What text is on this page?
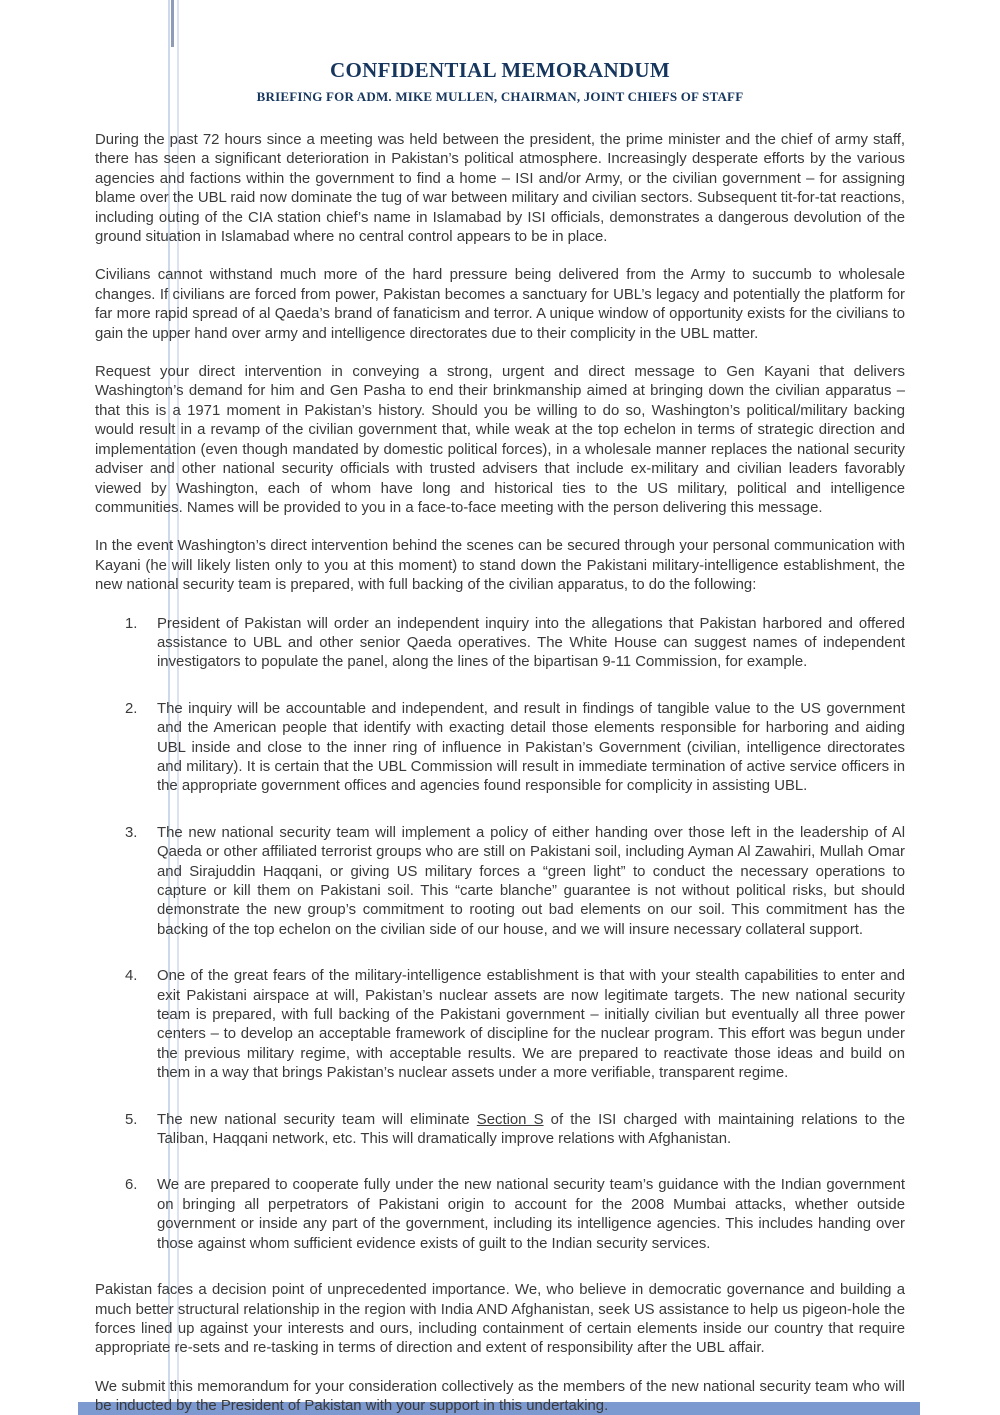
CONFIDENTIAL MEMORANDUM
BRIEFING FOR ADM. MIKE MULLEN, CHAIRMAN, JOINT CHIEFS OF STAFF

During the past 72 hours since a meeting was held between the president, the prime minister and the chief of army staff, there has seen a significant deterioration in Pakistan’s political atmosphere. Increasingly desperate efforts by the various agencies and factions within the government to find a home – ISI and/or Army, or the civilian government – for assigning blame over the UBL raid now dominate the tug of war between military and civilian sectors. Subsequent tit-for-tat reactions, including outing of the CIA station chief’s name in Islamabad by ISI officials, demonstrates a dangerous devolution of the ground situation in Islamabad where no central control appears to be in place.

Civilians cannot withstand much more of the hard pressure being delivered from the Army to succumb to wholesale changes. If civilians are forced from power, Pakistan becomes a sanctuary for UBL’s legacy and potentially the platform for far more rapid spread of al Qaeda’s brand of fanaticism and terror. A unique window of opportunity exists for the civilians to gain the upper hand over army and intelligence directorates due to their complicity in the UBL matter.

Request your direct intervention in conveying a strong, urgent and direct message to Gen Kayani that delivers Washington’s demand for him and Gen Pasha to end their brinkmanship aimed at bringing down the civilian apparatus – that this is a 1971 moment in Pakistan’s history. Should you be willing to do so, Washington’s political/military backing would result in a revamp of the civilian government that, while weak at the top echelon in terms of strategic direction and implementation (even though mandated by domestic political forces), in a wholesale manner replaces the national security adviser and other national security officials with trusted advisers that include ex-military and civilian leaders favorably viewed by Washington, each of whom have long and historical ties to the US military, political and intelligence communities. Names will be provided to you in a face-to-face meeting with the person delivering this message.

In the event Washington’s direct intervention behind the scenes can be secured through your personal communication with Kayani (he will likely listen only to you at this moment) to stand down the Pakistani military-intelligence establishment, the new national security team is prepared, with full backing of the civilian apparatus, to do the following:

1.	President of Pakistan will order an independent inquiry into the allegations that Pakistan harbored and offered assistance to UBL and other senior Qaeda operatives. The White House can suggest names of independent investigators to populate the panel, along the lines of the bipartisan 9-11 Commission, for example.
2.	The inquiry will be accountable and independent, and result in findings of tangible value to the US government and the American people that identify with exacting detail those elements responsible for harboring and aiding UBL inside and close to the inner ring of influence in Pakistan’s Government (civilian, intelligence directorates and military). It is certain that the UBL Commission will result in immediate termination of active service officers in the appropriate government offices and agencies found responsible for complicity in assisting UBL.
3.	The new national security team will implement a policy of either handing over those left in the leadership of Al Qaeda or other affiliated terrorist groups who are still on Pakistani soil, including Ayman Al Zawahiri, Mullah Omar and Sirajuddin Haqqani, or giving US military forces a “green light” to conduct the necessary operations to capture or kill them on Pakistani soil. This “carte blanche” guarantee is not without political risks, but should demonstrate the new group’s commitment to rooting out bad elements on our soil. This commitment has the backing of the top echelon on the civilian side of our house, and we will insure necessary collateral support.
4.	One of the great fears of the military-intelligence establishment is that with your stealth capabilities to enter and exit Pakistani airspace at will, Pakistan’s nuclear assets are now legitimate targets. The new national security team is prepared, with full backing of the Pakistani government – initially civilian but eventually all three power centers – to develop an acceptable framework of discipline for the nuclear program. This effort was begun under the previous military regime, with acceptable results. We are prepared to reactivate those ideas and build on them in a way that brings Pakistan’s nuclear assets under a more verifiable, transparent regime.
5.	The new national security team will eliminate Section S of the ISI charged with maintaining relations to the Taliban, Haqqani network, etc. This will dramatically improve relations with Afghanistan.
6.	We are prepared to cooperate fully under the new national security team’s guidance with the Indian government on bringing all perpetrators of Pakistani origin to account for the 2008 Mumbai attacks, whether outside government or inside any part of the government, including its intelligence agencies. This includes handing over those against whom sufficient evidence exists of guilt to the Indian security services.

Pakistan faces a decision point of unprecedented importance. We, who believe in democratic governance and building a much better structural relationship in the region with India AND Afghanistan, seek US assistance to help us pigeon-hole the forces lined up against your interests and ours, including containment of certain elements inside our country that require appropriate re-sets and re-tasking in terms of direction and extent of responsibility after the UBL affair.

We submit this memorandum for your consideration collectively as the members of the new national security team who will be inducted by the President of Pakistan with your support in this undertaking.
